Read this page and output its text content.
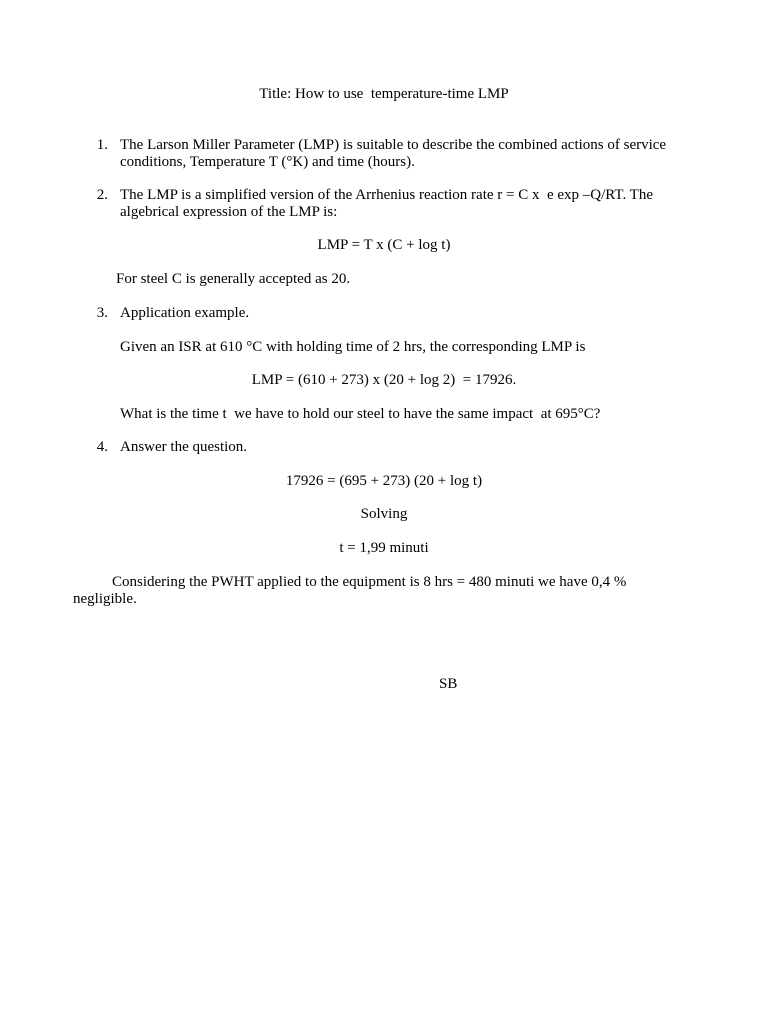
Title: How to use  temperature-time LMP
1. The Larson Miller Parameter (LMP) is suitable to describe the combined actions of service
conditions, Temperature T (°K) and time (hours).
2. The LMP is a simplified version of the Arrhenius reaction rate r = C x  e exp –Q/RT. The
algebrical expression of the LMP is:
LMP = T x (C + log t)
For steel C is generally accepted as 20.
3. Application example.
Given an ISR at 610 °C with holding time of 2 hrs, the corresponding LMP is
LMP = (610 + 273) x (20 + log 2)  = 17926.
What is the time t  we have to hold our steel to have the same impact  at 695°C?
4. Answer the question.
17926 = (695 + 273) (20 + log t)
Solving
t = 1,99 minuti
Considering the PWHT applied to the equipment is 8 hrs = 480 minuti we have 0,4 %
negligible.
SB
